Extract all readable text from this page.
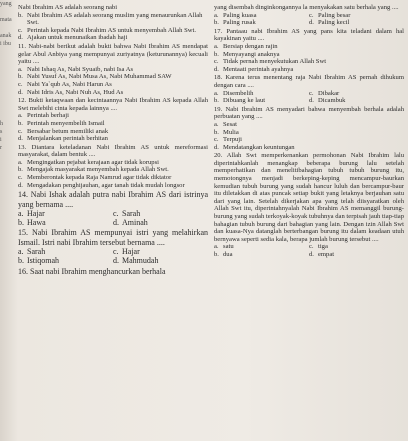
yang

mata

anak
i ibu

h
s
i
r
Nabi Ibrahim AS adalah seorang nabi
b. Nabi Ibrahim AS adalah seorang muslim yang menaurunkan Allah Swt.
c. Perintah kepada Nabi Ibrahim AS untuk menyembah Allah Swt.
d. Ajakan untuk menunaikan ibadah haji
11. Nabi-nabi berikut adalah bukti bahwa Nabi Ibrahim AS mendapat gelar Abul Anbiya yang mempunyai zuriyatnya (keturunannya) kecuali yaitu ....
a. Nabi Ishaq As, Nabi Syuaib, nabi Isa As
b. Nabi Yusuf As, Nabi Musa As, Nabi Muhammad SAW
c. Nabi Ya`qub As, Nabi Harun As
d. Nabi Idris As, Nabi Nuh As, Hud As
12. Bukti ketaqwaan dan kecintaannya Nabi Ibrahim AS kepada Allah Swt melebihi cinta kepada lainnya ....
a. Perintah berhaji
b. Perintah menyembelih Ismail
c. Bersabar betum memiliki anak
d. Menjalankan perintah berhitan
13. Diantara keteladanan Nabi Ibrahim AS untuk mereformasi masyarakat, dalam bentuk ....
a. Mengingatkan pejabat kerajaan agar tidak korupsi
b. Mengajak masyarakat menyembah kepada Allah Swt.
c. Memberontak kepada Raja Namrud agar tidak diktator
d. Mengadakan penghijauhan, agar tanah tidak mudah longsor
14. Nabi Ishak adalah putra nabi Ibrahim AS dari istrinya yang bernama ....
a. Hajar	c. Sarah
b. Hawa	d. Aminah
15. Nabi Ibrahim AS mempunyai istri yang melahirkan Ismail. Istri nabi Ibrahim tersebut bernama ....
a. Sarah	c. Hajar
b. Istiqomah	d. Mahmudah
16. Saat nabi Ibrahim menghancurkan berhala
yang disembah dinginkongannya la menyakakan satu berhala yang ....
a. Paling kuasa	c. Paling besar
b. Paling rusak	d. Paling kecil
17. Pantaau nabi Ibrahim AS yang pans kita teladani dalam hal kayakinan yaitu ....
a. Bersiap dengan rajin
b. Menyayangi anaknya
c. Tidak pernah menyekutukan Allah Swt
d. Mentaati perintah ayahnya
18. Karena terus menentang raja Nabi Ibrahim AS pernah dihukum dengan cara ....
a. Disembelih	c. Dibakar
b. Dibuang ke laut	d. Dicambuk
19. Nabi Ibrahim AS menyadari bahwa menyembah berhala adalah perbuatan yang ....
a. Sesat
b. Mulia
c. Terpuji
d. Mendatangkan keuntungan
20. Allah Swt memperkenankan permohonan Nabi Ibrahim lalu diperintahkanlah menangkap beberapa burung lalu setelah memperhatikan dan menelitibahagian tubuh tubuh burung itu, memotongnya menjadi berkeping-keping mencampur-baurkan kemudian tubuh burung yang sudah hancur luluh dan bercampur-baur itu diletakkan di atas puncak setiap bukit yang letaknya berjauhan satu dari yang lain. Setelah dikerjakan apa yang telah diisyaratkan oleh Allah Swt itu, diperintahnyalah Nabi Ibrahim AS memanggil burung-burung yang sudah terkoyak-koyak tubuhnya dan terpisah jauh tiap-tiap bahagian tubuh burung dari bahagian yang lain. Dengan izin Allah Swt dan kuasa-Nya datanglah berterbangan burung itu dalam keadaan utuh bernyawa seperti sedia kala, berapa jumlah burung tersebut ....
a. satu	c. tiga
b. dua	d. empat
